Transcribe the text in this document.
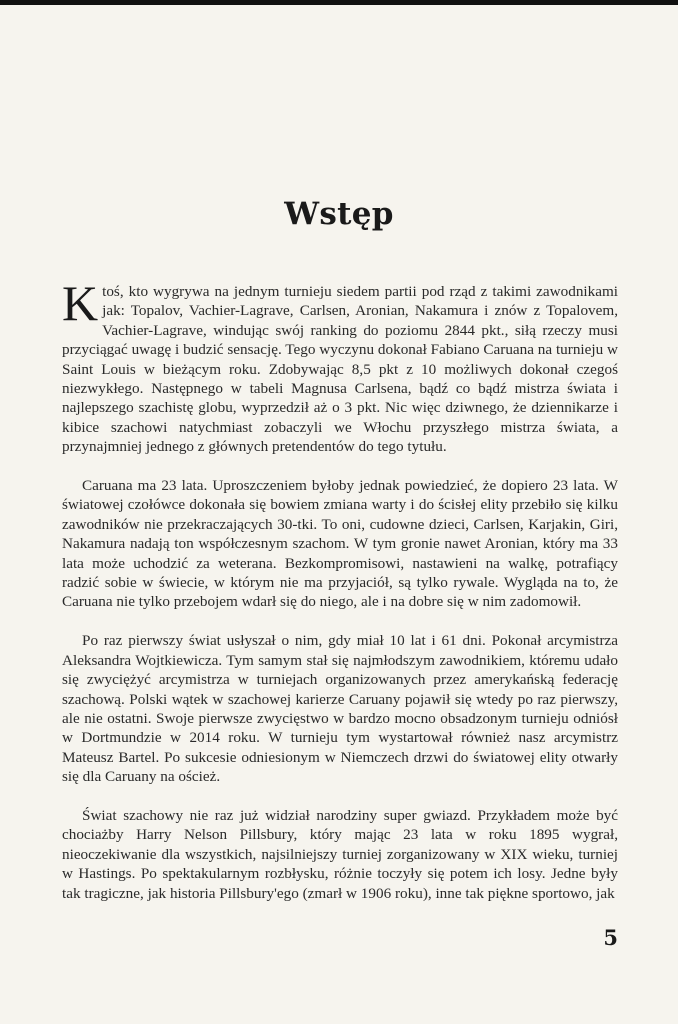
Wstęp

Ktoś, kto wygrywa na jednym turnieju siedem partii pod rząd z takimi zawodnikami jak: Topalov, Vachier-Lagrave, Carlsen, Aronian, Nakamura i znów z Topalovem, Vachier-Lagrave, windując swój ranking do poziomu 2844 pkt., siłą rzeczy musi przyciągać uwagę i budzić sensację. Tego wyczynu dokonał Fabiano Caruana na turnieju w Saint Louis w bieżącym roku. Zdobywając 8,5 pkt z 10 możliwych dokonał czegoś niezwykłego. Następnego w tabeli Magnusa Carlsena, bądź co bądź mistrza świata i najlepszego szachistę globu, wyprzedził aż o 3 pkt. Nic więc dziwnego, że dziennikarze i kibice szachowi natychmiast zobaczyli we Włochu przyszłego mistrza świata, a przynajmniej jednego z głównych pretendentów do tego tytułu.

Caruana ma 23 lata. Uproszczeniem byłoby jednak powiedzieć, że dopiero 23 lata. W światowej czołówce dokonała się bowiem zmiana warty i do ścisłej elity przebiło się kilku zawodników nie przekraczających 30-tki. To oni, cudowne dzieci, Carlsen, Karjakin, Giri, Nakamura nadają ton współczesnym szachom. W tym gronie nawet Aronian, który ma 33 lata może uchodzić za weterana. Bezkompromisowi, nastawieni na walkę, potrafiący radzić sobie w świecie, w którym nie ma przyjaciół, są tylko rywale. Wygląda na to, że Caruana nie tylko przebojem wdarł się do niego, ale i na dobre się w nim zadomowił.

Po raz pierwszy świat usłyszał o nim, gdy miał 10 lat i 61 dni. Pokonał arcymistrza Aleksandra Wojtkiewicza. Tym samym stał się najmłodszym zawodnikiem, któremu udało się zwyciężyć arcymistrza w turniejach organizowanych przez amerykańską federację szachową. Polski wątek w szachowej karierze Caruany pojawił się wtedy po raz pierwszy, ale nie ostatni. Swoje pierwsze zwycięstwo w bardzo mocno obsadzonym turnieju odniósł w Dortmundzie w 2014 roku. W turnieju tym wystartował również nasz arcymistrz Mateusz Bartel. Po sukcesie odniesionym w Niemczech drzwi do światowej elity otwarły się dla Caruany na oścież.

Świat szachowy nie raz już widział narodziny super gwiazd. Przykładem może być chociażby Harry Nelson Pillsbury, który mając 23 lata w roku 1895 wygrał, nieoczekiwanie dla wszystkich, najsilniejszy turniej zorganizowany w XIX wieku, turniej w Hastings. Po spektakularnym rozbłysku, różnie toczyły się potem ich losy. Jedne były tak tragiczne, jak historia Pillsbury'ego (zmarł w 1906 roku), inne tak piękne sportowo, jak

5
